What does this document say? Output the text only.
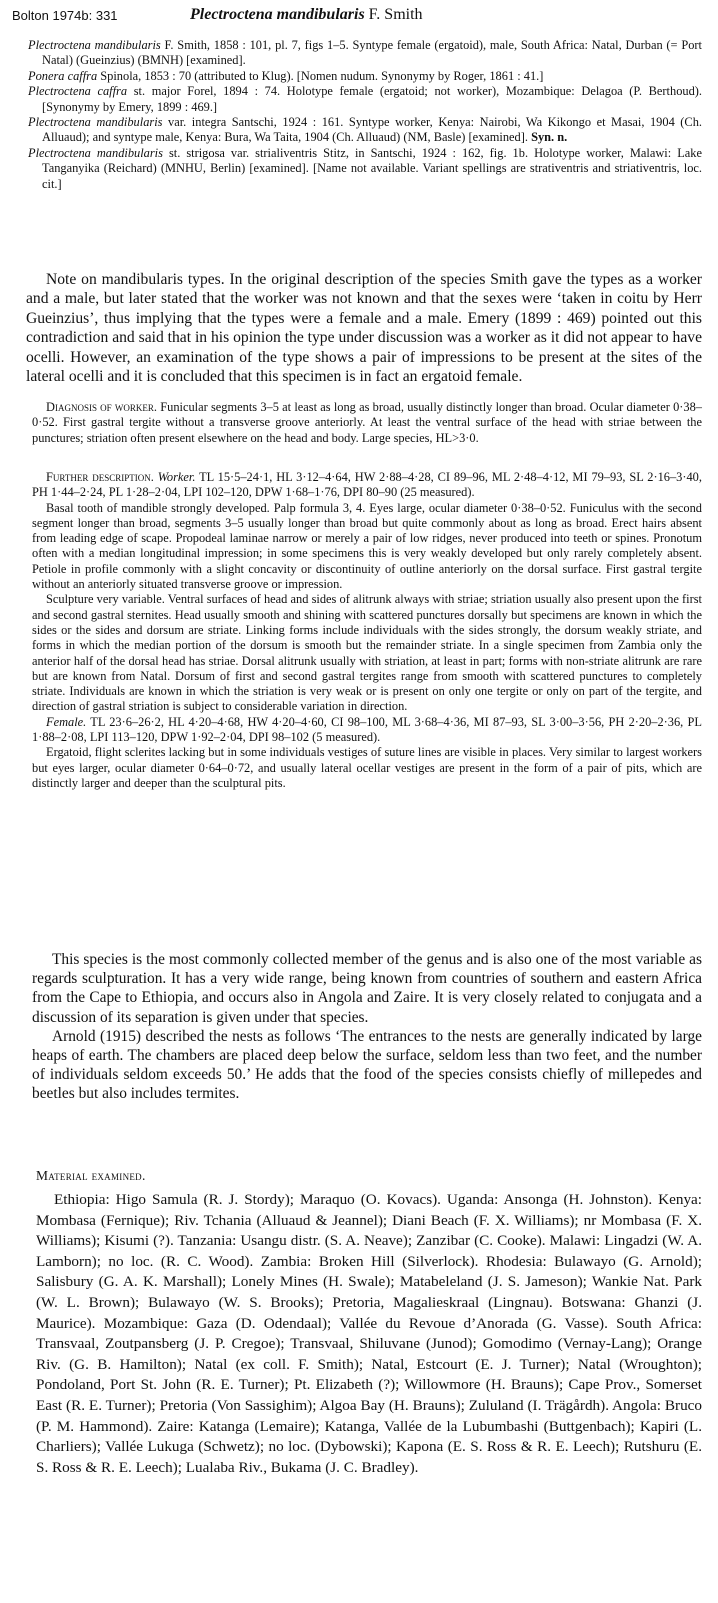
Bolton 1974b: 331	Plectroctena mandibularis F. Smith

Plectroctena mandibularis F. Smith, 1858 : 101, pl. 7, figs 1–5. Syntype female (ergatoid), male, South Africa: Natal, Durban (= Port Natal) (Gueinzius) (BMNH) [examined].

Ponera caffra Spinola, 1853 : 70 (attributed to Klug). [Nomen nudum. Synonymy by Roger, 1861 : 41.]

Plectroctena caffra st. major Forel, 1894 : 74. Holotype female (ergatoid; not worker), Mozambique: Delagoa (P. Berthoud). [Synonymy by Emery, 1899 : 469.]

Plectroctena mandibularis var. integra Santschi, 1924 : 161. Syntype worker, Kenya: Nairobi, Wa Kikongo et Masai, 1904 (Ch. Alluaud); and syntype male, Kenya: Bura, Wa Taita, 1904 (Ch. Alluaud) (NM, Basle) [examined]. Syn. n.

Plectroctena mandibularis st. strigosa var. strialiventris Stitz, in Santschi, 1924 : 162, fig. 1b. Holotype worker, Malawi: Lake Tanganyika (Reichard) (MNHU, Berlin) [examined]. [Name not available. Variant spellings are strativentris and striativentris, loc. cit.]

Note on mandibularis types. In the original description of the species Smith gave the types as a worker and a male, but later stated that the worker was not known and that the sexes were ‘taken in coitu by Herr Gueinzius’, thus implying that the types were a female and a male. Emery (1899 : 469) pointed out this contradiction and said that in his opinion the type under discussion was a worker as it did not appear to have ocelli. However, an examination of the type shows a pair of impressions to be present at the sites of the lateral ocelli and it is concluded that this specimen is in fact an ergatoid female.

Diagnosis of worker. Funicular segments 3–5 at least as long as broad, usually distinctly longer than broad. Ocular diameter 0·38–0·52. First gastral tergite without a transverse groove anteriorly. At least the ventral surface of the head with striae between the punctures; striation often present elsewhere on the head and body. Large species, HL>3·0.

Further description. Worker. TL 15·5–24·1, HL 3·12–4·64, HW 2·88–4·28, CI 89–96, ML 2·48–4·12, MI 79–93, SL 2·16–3·40, PH 1·44–2·24, PL 1·28–2·04, LPI 102–120, DPW 1·68–1·76, DPI 80–90 (25 measured).

Basal tooth of mandible strongly developed. Palp formula 3, 4. Eyes large, ocular diameter 0·38–0·52. Funiculus with the second segment longer than broad, segments 3–5 usually longer than broad but quite commonly about as long as broad. Erect hairs absent from leading edge of scape. Propodeal laminae narrow or merely a pair of low ridges, never produced into teeth or spines. Pronotum often with a median longitudinal impression; in some specimens this is very weakly developed but only rarely completely absent. Petiole in profile commonly with a slight concavity or discontinuity of outline anteriorly on the dorsal surface. First gastral tergite without an anteriorly situated transverse groove or impression.

Sculpture very variable. Ventral surfaces of head and sides of alitrunk always with striae; striation usually also present upon the first and second gastral sternites. Head usually smooth and shining with scattered punctures dorsally but specimens are known in which the sides or the sides and dorsum are striate. Linking forms include individuals with the sides strongly, the dorsum weakly striate, and forms in which the median portion of the dorsum is smooth but the remainder striate. In a single specimen from Zambia only the anterior half of the dorsal head has striae. Dorsal alitrunk usually with striation, at least in part; forms with non-striate alitrunk are rare but are known from Natal. Dorsum of first and second gastral tergites range from smooth with scattered punctures to completely striate. Individuals are known in which the striation is very weak or is present on only one tergite or only on part of the tergite, and direction of gastral striation is subject to considerable variation in direction.

Female. TL 23·6–26·2, HL 4·20–4·68, HW 4·20–4·60, CI 98–100, ML 3·68–4·36, MI 87–93, SL 3·00–3·56, PH 2·20–2·36, PL 1·88–2·08, LPI 113–120, DPW 1·92–2·04, DPI 98–102 (5 measured).

Ergatoid, flight sclerites lacking but in some individuals vestiges of suture lines are visible in places. Very similar to largest workers but eyes larger, ocular diameter 0·64–0·72, and usually lateral ocellar vestiges are present in the form of a pair of pits, which are distinctly larger and deeper than the sculptural pits.

This species is the most commonly collected member of the genus and is also one of the most variable as regards sculpturation. It has a very wide range, being known from countries of southern and eastern Africa from the Cape to Ethiopia, and occurs also in Angola and Zaire. It is very closely related to conjugata and a discussion of its separation is given under that species.

Arnold (1915) described the nests as follows ‘The entrances to the nests are generally indicated by large heaps of earth. The chambers are placed deep below the surface, seldom less than two feet, and the number of individuals seldom exceeds 50.’ He adds that the food of the species consists chiefly of millepedes and beetles but also includes termites.

Material examined.

Ethiopia: Higo Samula (R. J. Stordy); Maraquo (O. Kovacs). Uganda: Ansonga (H. Johnston). Kenya: Mombasa (Fernique); Riv. Tchania (Alluaud & Jeannel); Diani Beach (F. X. Williams); nr Mombasa (F. X. Williams); Kisumi (?). Tanzania: Usangu distr. (S. A. Neave); Zanzibar (C. Cooke). Malawi: Lingadzi (W. A. Lamborn); no loc. (R. C. Wood). Zambia: Broken Hill (Silverlock). Rhodesia: Bulawayo (G. Arnold); Salisbury (G. A. K. Marshall); Lonely Mines (H. Swale); Matabeleland (J. S. Jameson); Wankie Nat. Park (W. L. Brown); Bulawayo (W. S. Brooks); Pretoria, Magalieskraal (Lingnau). Botswana: Ghanzi (J. Maurice). Mozambique: Gaza (D. Odendaal); Vallée du Revoue d’Anorada (G. Vasse). South Africa: Transvaal, Zoutpansberg (J. P. Cregoe); Transvaal, Shiluvane (Junod); Gomodimo (Vernay-Lang); Orange Riv. (G. B. Hamilton); Natal (ex coll. F. Smith); Natal, Estcourt (E. J. Turner); Natal (Wroughton); Pondoland, Port St. John (R. E. Turner); Pt. Elizabeth (?); Willowmore (H. Brauns); Cape Prov., Somerset East (R. E. Turner); Pretoria (Von Sassighim); Algoa Bay (H. Brauns); Zululand (I. Trägårdh). Angola: Bruco (P. M. Hammond). Zaire: Katanga (Lemaire); Katanga, Vallée de la Lubumbashi (Buttgenbach); Kapiri (L. Charliers); Vallée Lukuga (Schwetz); no loc. (Dybowski); Kapona (E. S. Ross & R. E. Leech); Rutshuru (E. S. Ross & R. E. Leech); Lualaba Riv., Bukama (J. C. Bradley).
